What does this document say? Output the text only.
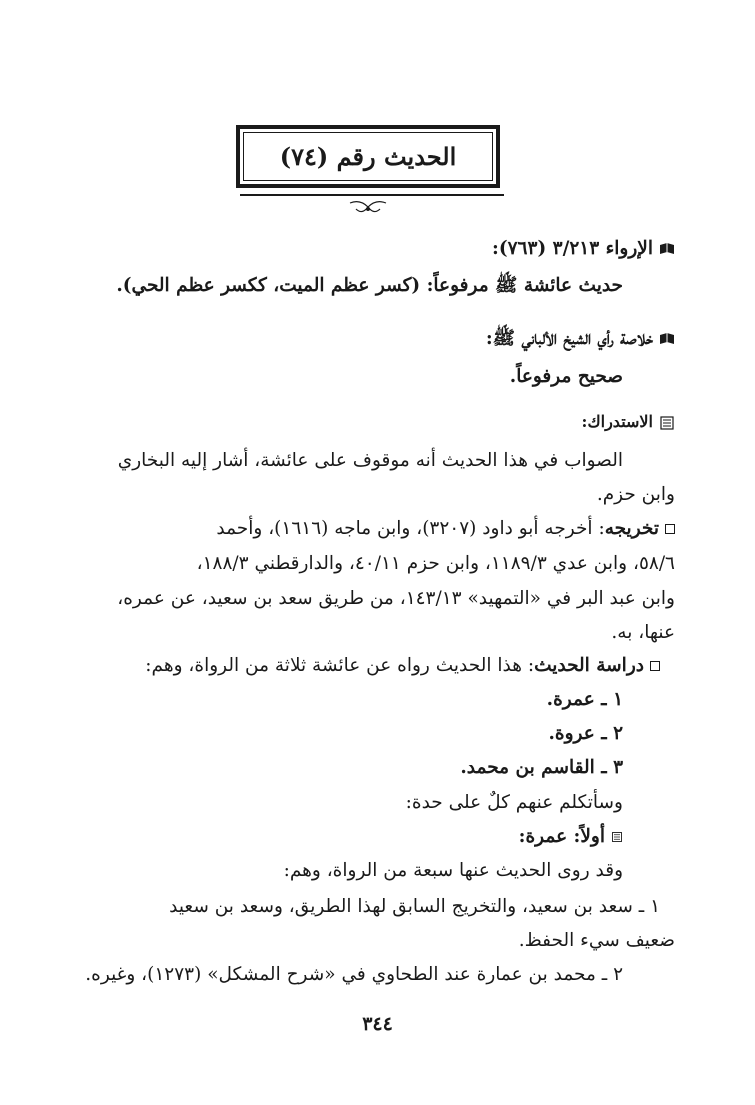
الحديث رقم (٧٤)
الإرواء ٣/٢١٣ (٧٦٣):
حديث عائشة ﷺ مرفوعاً: (كسر عظم الميت، ككسر عظم الحي).
خلاصة رأي الشيخ الألباني ﷺ:
صحيح مرفوعاً.
الاستدراك:
الصواب في هذا الحديث أنه موقوف على عائشة، أشار إليه البخاري
وابن حزم.
تخريجه: أخرجه أبو داود (٣٢٠٧)، وابن ماجه (١٦١٦)، وأحمد
٥٨/٦، وابن عدي ١١٨٩/٣، وابن حزم ٤٠/١١، والدارقطني ١٨٨/٣،
وابن عبد البر في «التمهيد» ١٤٣/١٣، من طريق سعد بن سعيد، عن عمره،
عنها، به.
دراسة الحديث: هذا الحديث رواه عن عائشة ثلاثة من الرواة، وهم:
١ ـ عمرة.
٢ ـ عروة.
٣ ـ القاسم بن محمد.
وسأتكلم عنهم كلٌ على حدة:
أولاً: عمرة:
وقد روى الحديث عنها سبعة من الرواة، وهم:
١ ـ سعد بن سعيد، والتخريج السابق لهذا الطريق، وسعد بن سعيد
ضعيف سيء الحفظ.
٢ ـ محمد بن عمارة عند الطحاوي في «شرح المشكل» (١٢٧٣)، وغيره.
٣٤٤
